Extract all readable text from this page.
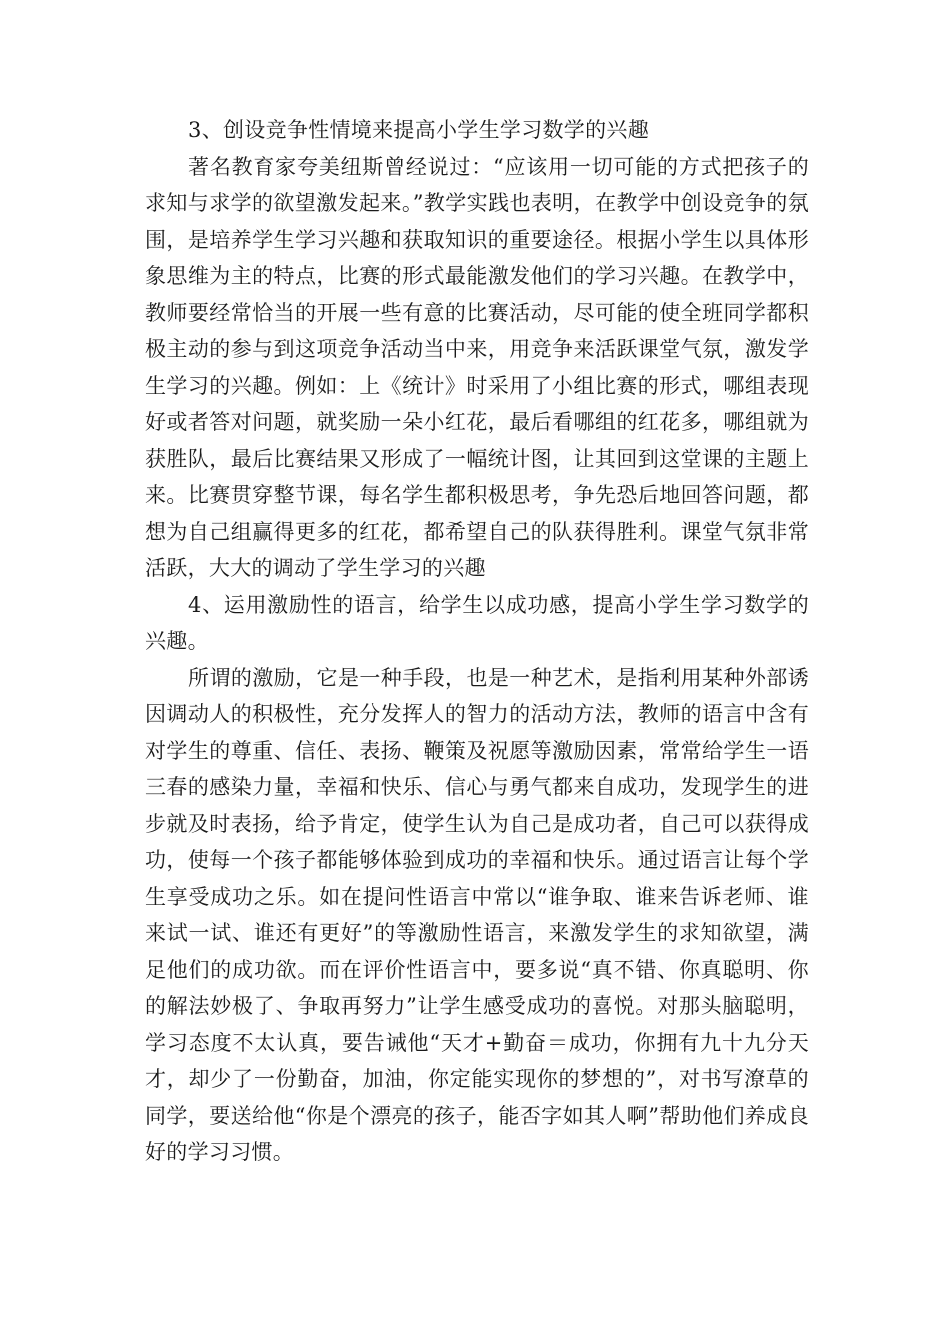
3、创设竞争性情境来提高小学生学习数学的兴趣

著名教育家夸美纽斯曾经说过：“应该用一切可能的方式把孩子的求知与求学的欲望激发起来。”教学实践也表明，在教学中创设竞争的氛围，是培养学生学习兴趣和获取知识的重要途径。根据小学生以具体形象思维为主的特点，比赛的形式最能激发他们的学习兴趣。在教学中，教师要经常恰当的开展一些有意的比赛活动，尽可能的使全班同学都积极主动的参与到这项竞争活动当中来，用竞争来活跃课堂气氛，激发学生学习的兴趣。例如：上《统计》时采用了小组比赛的形式，哪组表现好或者答对问题，就奖励一朵小红花，最后看哪组的红花多，哪组就为获胜队，最后比赛结果又形成了一幅统计图，让其回到这堂课的主题上来。比赛贯穿整节课，每名学生都积极思考，争先恐后地回答问题，都想为自己组赢得更多的红花，都希望自己的队获得胜利。课堂气氛非常活跃，大大的调动了学生学习的兴趣

4、运用激励性的语言，给学生以成功感，提高小学生学习数学的兴趣。

所谓的激励，它是一种手段，也是一种艺术，是指利用某种外部诱因调动人的积极性，充分发挥人的智力的活动方法，教师的语言中含有对学生的尊重、信任、表扬、鞭策及祝愿等激励因素，常常给学生一语三春的感染力量，幸福和快乐、信心与勇气都来自成功，发现学生的进步就及时表扬，给予肯定，使学生认为自己是成功者，自己可以获得成功，使每一个孩子都能够体验到成功的幸福和快乐。通过语言让每个学生享受成功之乐。如在提问性语言中常以“谁争取、谁来告诉老师、谁来试一试、谁还有更好”的等激励性语言，来激发学生的求知欲望，满足他们的成功欲。而在评价性语言中，要多说“真不错、你真聪明、你的解法妙极了、争取再努力”让学生感受成功的喜悦。对那头脑聪明，学习态度不太认真，要告诫他“天才+勤奋＝成功，你拥有九十九分天才，却少了一份勤奋，加油，你定能实现你的梦想的”，对书写潦草的同学，要送给他“你是个漂亮的孩子，能否字如其人啊”帮助他们养成良好的学习习惯。
